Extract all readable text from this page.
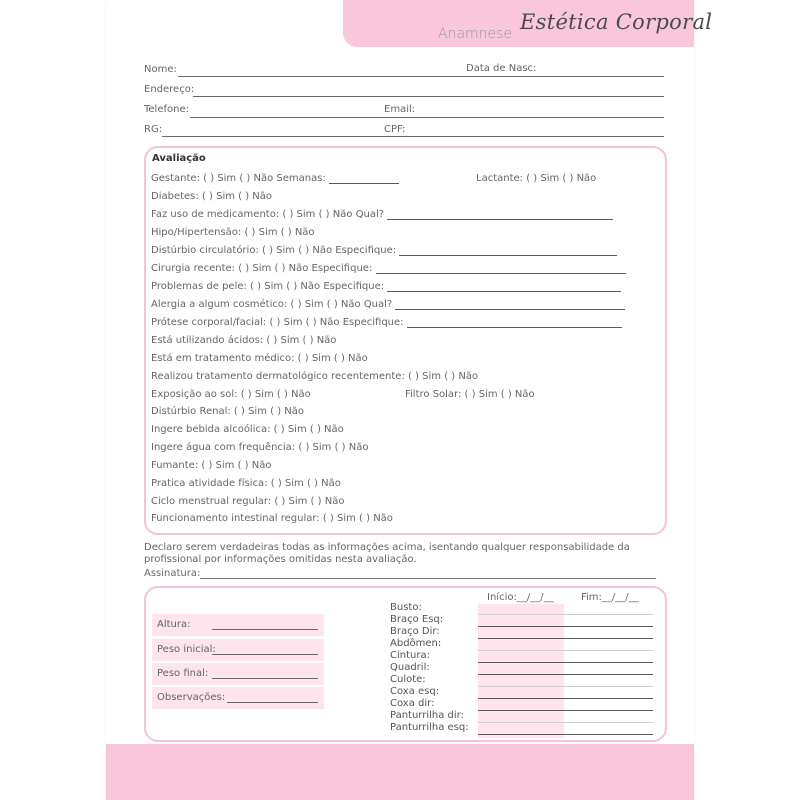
Anamnese Estética Corporal
Nome:	Data de Nasc:
Endereço:
Telefone:	Email:
RG:	CPF:
Avaliação
Gestante: ( ) Sim ( ) Não Semanas:	Lactante: ( ) Sim ( ) Não
Diabetes: ( ) Sim ( ) Não
Faz uso de medicamento: ( ) Sim ( ) Não Qual?
Hipo/Hipertensão: ( ) Sim ( ) Não
Distúrbio circulatório: ( ) Sim ( ) Não Especifique:
Cirurgia recente: ( ) Sim ( ) Não Especifique:
Problemas de pele: ( ) Sim ( ) Não Especifique:
Alergia a algum cosmético: ( ) Sim ( ) Não Qual?
Prótese corporal/facial: ( ) Sim ( ) Não Especifique:
Está utilizando ácidos: ( ) Sim ( ) Não
Está em tratamento médico: ( ) Sim ( ) Não
Realizou tratamento dermatológico recentemente: ( ) Sim ( ) Não
Exposição ao sol: ( ) Sim ( ) Não	Filtro Solar: ( ) Sim ( ) Não
Distúrbio Renal: ( ) Sim ( ) Não
Ingere bebida alcoólica: ( ) Sim ( ) Não
Ingere água com frequência: ( ) Sim ( ) Não
Fumante: ( ) Sim ( ) Não
Pratica atividade física: ( ) Sim ( ) Não
Ciclo menstrual regular: ( ) Sim ( ) Não
Funcionamento intestinal regular: ( ) Sim ( ) Não
Declaro serem verdadeiras todas as informações acima, isentando qualquer responsabilidade da profissional por informações omitidas nesta avaliação.
Assinatura:
Início:__/__/__	Fim:__/__/__
Altura:
Peso inicial:
Peso final:
Observações:
Busto:
Braço Esq:
Braço Dir:
Abdômen:
Cintura:
Quadril:
Culote:
Coxa esq:
Coxa dir:
Panturrilha dir:
Panturrilha esq:
